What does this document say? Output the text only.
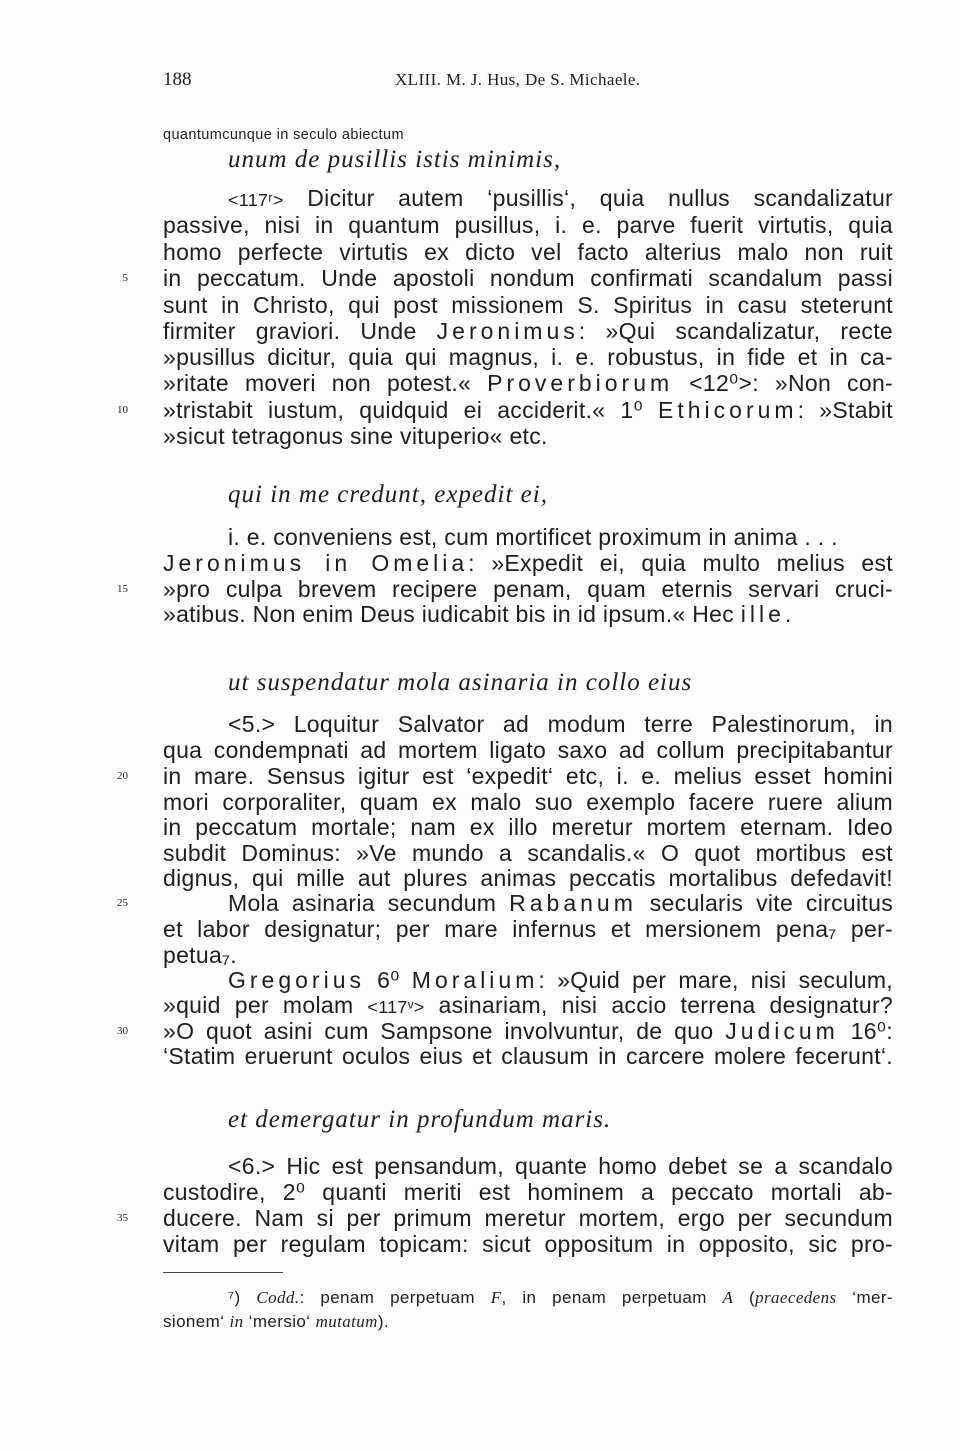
188	XLIII. M. J. Hus, De S. Michaele.
quantumcunque in seculo abiectum
unum de pusillis istis minimis,
<117ʳ> Dicitur autem ‘pusillis‘, quia nullus scandalizatur
passive, nisi in quantum pusillus, i. e. parve fuerit virtutis, quia
homo perfecte virtutis ex dicto vel facto alterius malo non ruit
in peccatum. Unde apostoli nondum confirmati scandalum passi
sunt in Christo, qui post missionem S. Spiritus in casu steterunt
firmiter graviori. Unde Jeronimus: »Qui scandalizatur, recte
»pusillus dicitur, quia qui magnus, i. e. robustus, in fide et in ca-
»ritate moveri non potest.« Proverbiorum <12⁰>: »Non con-
»tristabit iustum, quidquid ei acciderit.« 1⁰ Ethicorum: »Stabit
»sicut tetragonus sine vituperio« etc.
qui in me credunt, expedit ei,
i. e. conveniens est, cum mortificet proximum in anima . . .
Jeronimus in Omelia: »Expedit ei, quia multo melius est
»pro culpa brevem recipere penam, quam eternis servari cruci-
»atibus. Non enim Deus iudicabit bis in id ipsum.« Hec ille.
ut suspendatur mola asinaria in collo eius
<5.> Loquitur Salvator ad modum terre Palestinorum, in
qua condempnati ad mortem ligato saxo ad collum precipitabantur
in mare. Sensus igitur est ‘expedit‘ etc, i. e. melius esset homini
mori corporaliter, quam ex malo suo exemplo facere ruere alium
in peccatum mortale; nam ex illo meretur mortem eternam. Ideo
subdit Dominus: »Ve mundo a scandalis.« O quot mortibus est
dignus, qui mille aut plures animas peccatis mortalibus defedavit!
Mola asinaria secundum Rabanum secularis vite circuitus
et labor designatur; per mare infernus et mersionem pena₇ per-
petua₇.
Gregorius 6⁰ Moralium: »Quid per mare, nisi seculum,
»quid per molam <117ᵛ> asinariam, nisi accio terrena designatur?
»O quot asini cum Sampsone involvuntur, de quo Judicum 16⁰:
‘Statim eruerunt oculos eius et clausum in carcere molere fecerunt‘.
et demergatur in profundum maris.
<6.> Hic est pensandum, quante homo debet se a scandalo
custodire, 2⁰ quanti meriti est hominem a peccato mortali ab-
ducere. Nam si per primum meretur mortem, ergo per secundum
vitam per regulam topicam: sicut oppositum in opposito, sic pro-
5
10
15
20
25
30
35
⁷) Codd.: penam perpetuam F, in penam perpetuam A (praecedens ‘mer-
sionem‘ in ‘mersio‘ mutatum).
